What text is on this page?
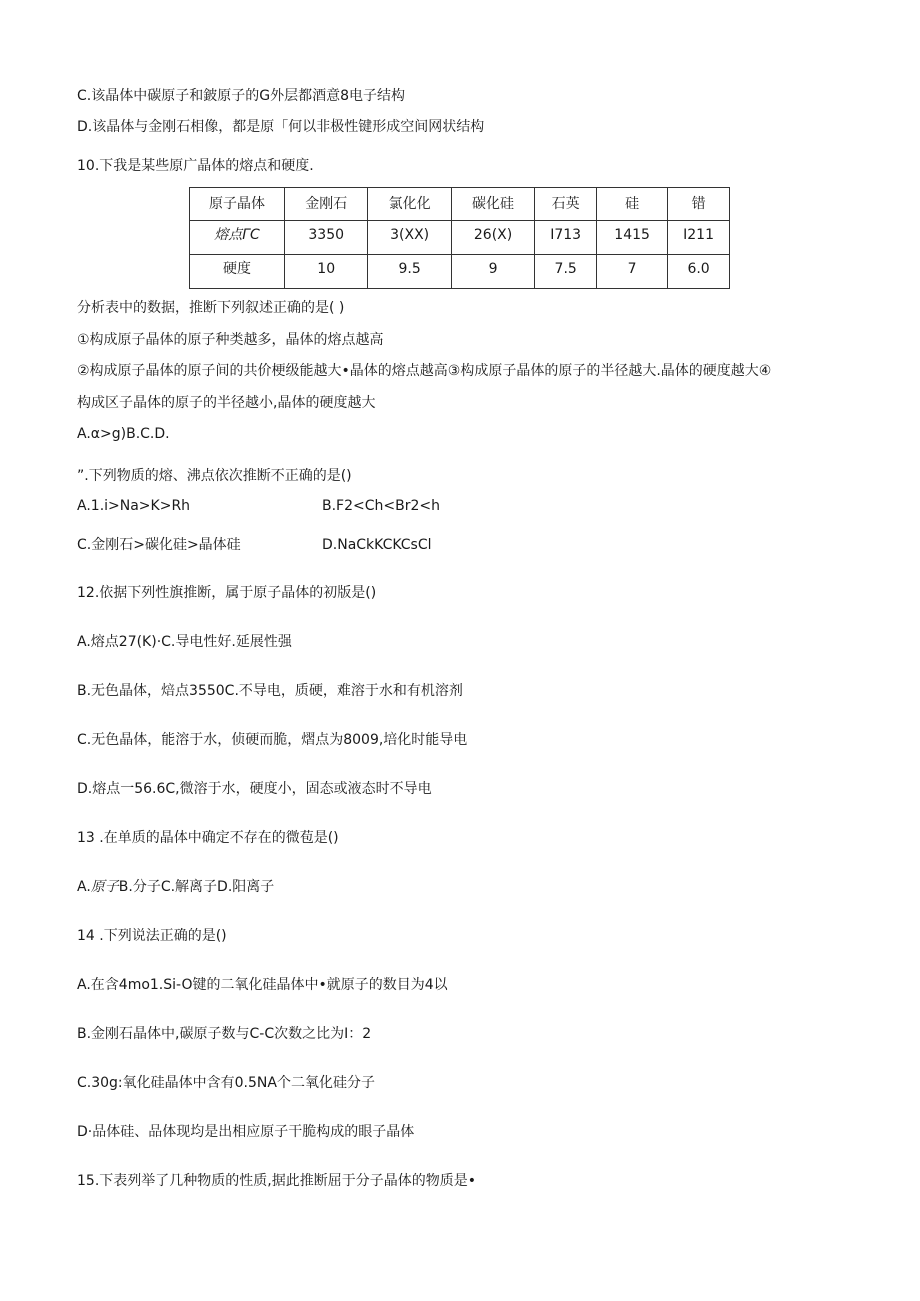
C.该晶体中碳原子和鈹原子的G外层都酒意8电子结构
D.该晶体与金刚石相像，都是原「何以非极性键形成空间网状结构
10.下我是某些原广晶体的熔点和硬度.
原子晶体	金刚石	氯化化	碳化硅	石英	硅	错
熔点ГC	3350	3(XX)	26(X)	I713	1415	I211
硬度	10	9.5	9	7.5	7	6.0
分析表中的数据，推断下列叙述正确的是( )
①构成原子晶体的原子种类越多，晶体的熔点越高
②构成原子晶体的原子间的共价梗级能越大•晶体的熔点越高③构成原子晶体的原子的半径越大.晶体的硬度越大④
构成区子晶体的原子的半径越小,晶体的硬度越大
A.α>g)B.C.D.
”.下列物质的熔、沸点依次推断不正确的是()
A.1.i>Na>K>Rh	B.F2<Ch<Br2<h
C.金刚石>碳化硅>晶体硅	D.NaCkKCKCsCl
12.依据下列性旗推断，属于原子晶体的初版是()
A.熔点27(K)·C.导电性好.延展性强
B.无色晶体，焙点3550C.不导电，质硬，难溶于水和有机溶剂
C.无色晶体，能溶于水，侦硬而脆，熠点为8009,培化时能导电
D.熔点一56.6C,微溶于水，硬度小，固态或液态时不导电
13 .在单质的晶体中确定不存在的微苞是()
A.原子B.分子C.解离子D.阳离子
14 .下列说法正确的是()
A.在含4mo1.Si-O键的二氧化硅晶体中•就原子的数目为4以
B.金刚石晶体中,碳原子数与C-C次数之比为I：2
C.30g:氧化硅晶体中含有0.5NA个二氧化硅分子
D·品体硅、品体现均是出相应原子干脆构成的眼子晶体
15.下表列举了几种物质的性质,据此推断屈于分子晶体的物质是•
